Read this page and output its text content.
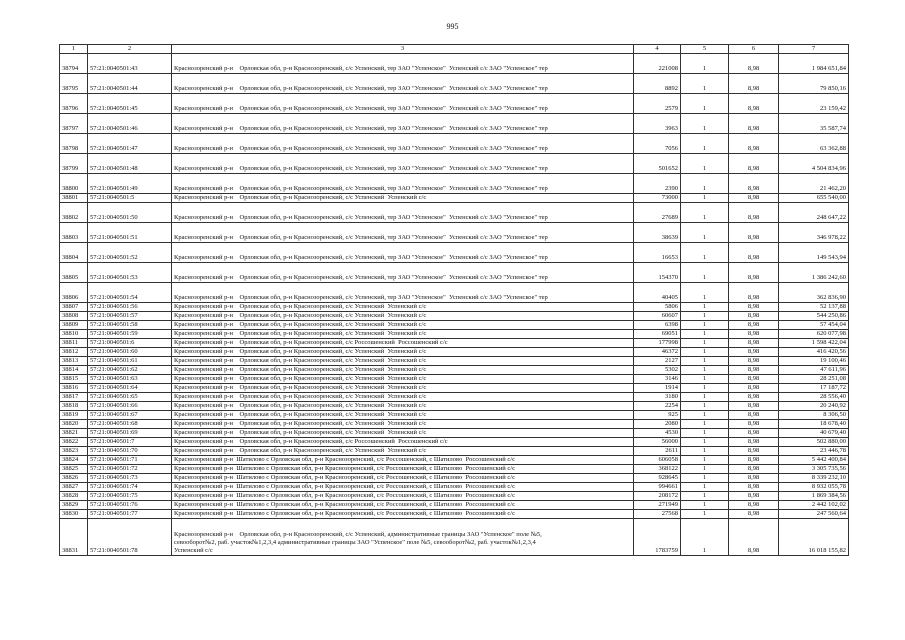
995
1	2	3	4	5	6	7
38794	57:21:0040501:43	Краснозоренский р-н    Орловская обл, р-н Краснозоренский, с/с Успенский, тер ЗАО "Успенское"  Успенский с/с ЗАО "Успенское" тер	221008	1	8,98	1 984 651,84
38795	57:21:0040501:44	Краснозоренский р-н    Орловская обл, р-н Краснозоренский, с/с Успенский, тер ЗАО "Успенское"  Успенский с/с ЗАО "Успенское" тер	8892	1	8,98	79 850,16
38796	57:21:0040501:45	Краснозоренский р-н    Орловская обл, р-н Краснозоренский, с/с Успенский, тер ЗАО "Успенское"  Успенский с/с ЗАО "Успенское" тер	2579	1	8,98	23 159,42
38797	57:21:0040501:46	Краснозоренский р-н    Орловская обл, р-н Краснозоренский, с/с Успенский, тер ЗАО "Успенское"  Успенский с/с ЗАО "Успенское" тер	3963	1	8,98	35 587,74
38798	57:21:0040501:47	Краснозоренский р-н    Орловская обл, р-н Краснозоренский, с/с Успенский, тер ЗАО "Успенское"  Успенский с/с ЗАО "Успенское" тер	7056	1	8,98	63 362,88
38799	57:21:0040501:48	Краснозоренский р-н    Орловская обл, р-н Краснозоренский, с/с Успенский, тер ЗАО "Успенское"  Успенский с/с ЗАО "Успенское" тер	501652	1	8,98	4 504 834,96
38800	57:21:0040501:49	Краснозоренский р-н    Орловская обл, р-н Краснозоренский, с/с Успенский, тер ЗАО "Успенское"  Успенский с/с ЗАО "Успенское" тер	2390	1	8,98	21 462,20
38801	57:21:0040501:5	Краснозоренский р-н    Орловская обл, р-н Краснозоренский, с/с Успенский  Успенский с/с	73000	1	8,98	655 540,00
38802	57:21:0040501:50	Краснозоренский р-н    Орловская обл, р-н Краснозоренский, с/с Успенский, тер ЗАО "Успенское"  Успенский с/с ЗАО "Успенское" тер	27689	1	8,98	248 647,22
38803	57:21:0040501:51	Краснозоренский р-н    Орловская обл, р-н Краснозоренский, с/с Успенский, тер ЗАО "Успенское"  Успенский с/с ЗАО "Успенское" тер	38639	1	8,98	346 978,22
38804	57:21:0040501:52	Краснозоренский р-н    Орловская обл, р-н Краснозоренский, с/с Успенский, тер ЗАО "Успенское"  Успенский с/с ЗАО "Успенское" тер	16653	1	8,98	149 543,94
38805	57:21:0040501:53	Краснозоренский р-н    Орловская обл, р-н Краснозоренский, с/с Успенский, тер ЗАО "Успенское"  Успенский с/с ЗАО "Успенское" тер	154370	1	8,98	1 386 242,60
38806	57:21:0040501:54	Краснозоренский р-н    Орловская обл, р-н Краснозоренский, с/с Успенский, тер ЗАО "Успенское"  Успенский с/с ЗАО "Успенское" тер	40405	1	8,98	362 836,90
38807	57:21:0040501:56	Краснозоренский р-н    Орловская обл, р-н Краснозоренский, с/с Успенский  Успенский с/с	5806	1	8,98	52 137,88
38808	57:21:0040501:57	Краснозоренский р-н    Орловская обл, р-н Краснозоренский, с/с Успенский  Успенский с/с	60607	1	8,98	544 250,86
38809	57:21:0040501:58	Краснозоренский р-н    Орловская обл, р-н Краснозоренский, с/с Успенский  Успенский с/с	6398	1	8,98	57 454,04
38810	57:21:0040501:59	Краснозоренский р-н    Орловская обл, р-н Краснозоренский, с/с Успенский  Успенский с/с	69051	1	8,98	620 077,98
38811	57:21:0040501:6	Краснозоренский р-н    Орловская обл, р-н Краснозоренский, с/с Россошенский  Россошенский с/с	177998	1	8,98	1 598 422,04
38812	57:21:0040501:60	Краснозоренский р-н    Орловская обл, р-н Краснозоренский, с/с Успенский  Успенский с/с	46372	1	8,98	416 420,56
38813	57:21:0040501:61	Краснозоренский р-н    Орловская обл, р-н Краснозоренский, с/с Успенский  Успенский с/с	2127	1	8,98	19 100,46
38814	57:21:0040501:62	Краснозоренский р-н    Орловская обл, р-н Краснозоренский, с/с Успенский  Успенский с/с	5302	1	8,98	47 611,96
38815	57:21:0040501:63	Краснозоренский р-н    Орловская обл, р-н Краснозоренский, с/с Успенский  Успенский с/с	3146	1	8,98	28 251,08
38816	57:21:0040501:64	Краснозоренский р-н    Орловская обл, р-н Краснозоренский, с/с Успенский  Успенский с/с	1914	1	8,98	17 187,72
38817	57:21:0040501:65	Краснозоренский р-н    Орловская обл, р-н Краснозоренский, с/с Успенский  Успенский с/с	3180	1	8,98	28 556,40
38818	57:21:0040501:66	Краснозоренский р-н    Орловская обл, р-н Краснозоренский, с/с Успенский  Успенский с/с	2254	1	8,98	20 240,92
38819	57:21:0040501:67	Краснозоренский р-н    Орловская обл, р-н Краснозоренский, с/с Успенский  Успенский с/с	925	1	8,98	8 306,50
38820	57:21:0040501:68	Краснозоренский р-н    Орловская обл, р-н Краснозоренский, с/с Успенский  Успенский с/с	2080	1	8,98	18 678,40
38821	57:21:0040501:69	Краснозоренский р-н    Орловская обл, р-н Краснозоренский, с/с Успенский  Успенский с/с	4530	1	8,98	40 679,40
38822	57:21:0040501:7	Краснозоренский р-н    Орловская обл, р-н Краснозоренский, с/с Россошенский  Россошенский с/с	56000	1	8,98	502 880,00
38823	57:21:0040501:70	Краснозоренский р-н    Орловская обл, р-н Краснозоренский, с/с Успенский  Успенский с/с	2611	1	8,98	23 446,78
38824	57:21:0040501:71	Краснозоренский р-н  Шатилово с Орловская обл, р-н Краснозоренский, с/с Россошенский, с Шатилово  Россошенский с/с	606058	1	8,98	5 442 400,84
38825	57:21:0040501:72	Краснозоренский р-н  Шатилово с Орловская обл, р-н Краснозоренский, с/с Россошенский, с Шатилово  Россошенский с/с	368122	1	8,98	3 305 735,56
38826	57:21:0040501:73	Краснозоренский р-н  Шатилово с Орловская обл, р-н Краснозоренский, с/с Россошенский, с Шатилово  Россошенский с/с	928645	1	8,98	8 339 232,10
38827	57:21:0040501:74	Краснозоренский р-н  Шатилово с Орловская обл, р-н Краснозоренский, с/с Россошенский, с Шатилово  Россошенский с/с	994661	1	8,98	8 932 055,78
38828	57:21:0040501:75	Краснозоренский р-н  Шатилово с Орловская обл, р-н Краснозоренский, с/с Россошенский, с Шатилово  Россошенский с/с	208172	1	8,98	1 869 384,56
38829	57:21:0040501:76	Краснозоренский р-н  Шатилово с Орловская обл, р-н Краснозоренский, с/с Россошенский, с Шатилово  Россошенский с/с	271949	1	8,98	2 442 102,02
38830	57:21:0040501:77	Краснозоренский р-н  Шатилово с Орловская обл, р-н Краснозоренский, с/с Россошенский, с Шатилово  Россошенский с/с	27568	1	8,98	247 560,64
38831	57:21:0040501:78	Краснозоренский р-н    Орловская обл, р-н Краснозоренский, с/с Успенский, административные границы ЗАО "Успенское" поле №5,
севооборот№2, раб. участок№1,2,3,4 административные границы ЗАО "Успенское" поле №5, севооборот№2, раб. участок№1,2,3,4
Успенский с/с	1783759	1	8,98	16 018 155,82
